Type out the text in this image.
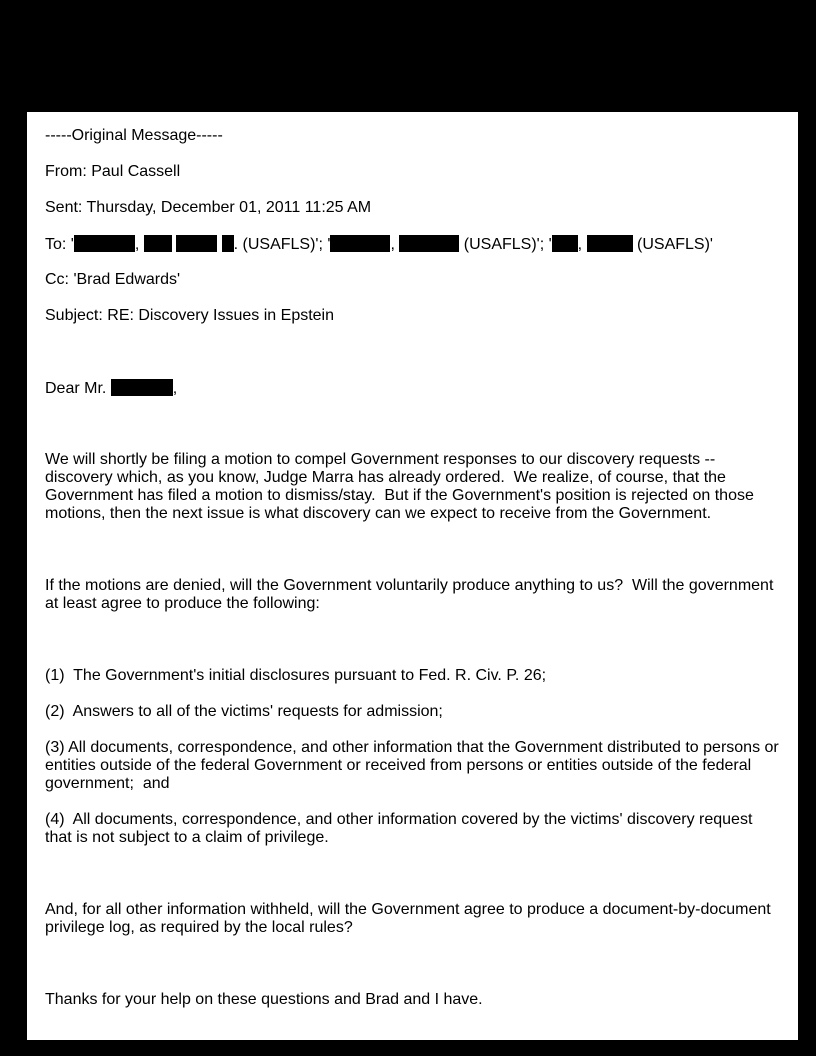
-----Original Message-----
From: Paul Cassell
Sent: Thursday, December 01, 2011 11:25 AM
To: '	,	. (USAFLS)'; '	,	(USAFLS)'; ' ,	(USAFLS)'
Cc: 'Brad Edwards'
Subject: RE: Discovery Issues in Epstein
Dear Mr.	,
We will shortly be filing a motion to compel Government responses to our discovery requests -- discovery which, as you know, Judge Marra has already ordered.  We realize, of course, that the Government has filed a motion to dismiss/stay.  But if the Government's position is rejected on those motions, then the next issue is what discovery can we expect to receive from the Government.
If the motions are denied, will the Government voluntarily produce anything to us?  Will the government at least agree to produce the following:
(1)  The Government's initial disclosures pursuant to Fed. R. Civ. P. 26;
(2)  Answers to all of the victims' requests for admission;
(3) All documents, correspondence, and other information that the Government distributed to persons or entities outside of the federal Government or received from persons or entities outside of the federal government;  and
(4)  All documents, correspondence, and other information covered by the victims' discovery request that is not subject to a claim of privilege.
And, for all other information withheld, will the Government agree to produce a document-by-document privilege log, as required by the local rules?
Thanks for your help on these questions and Brad and I have.
